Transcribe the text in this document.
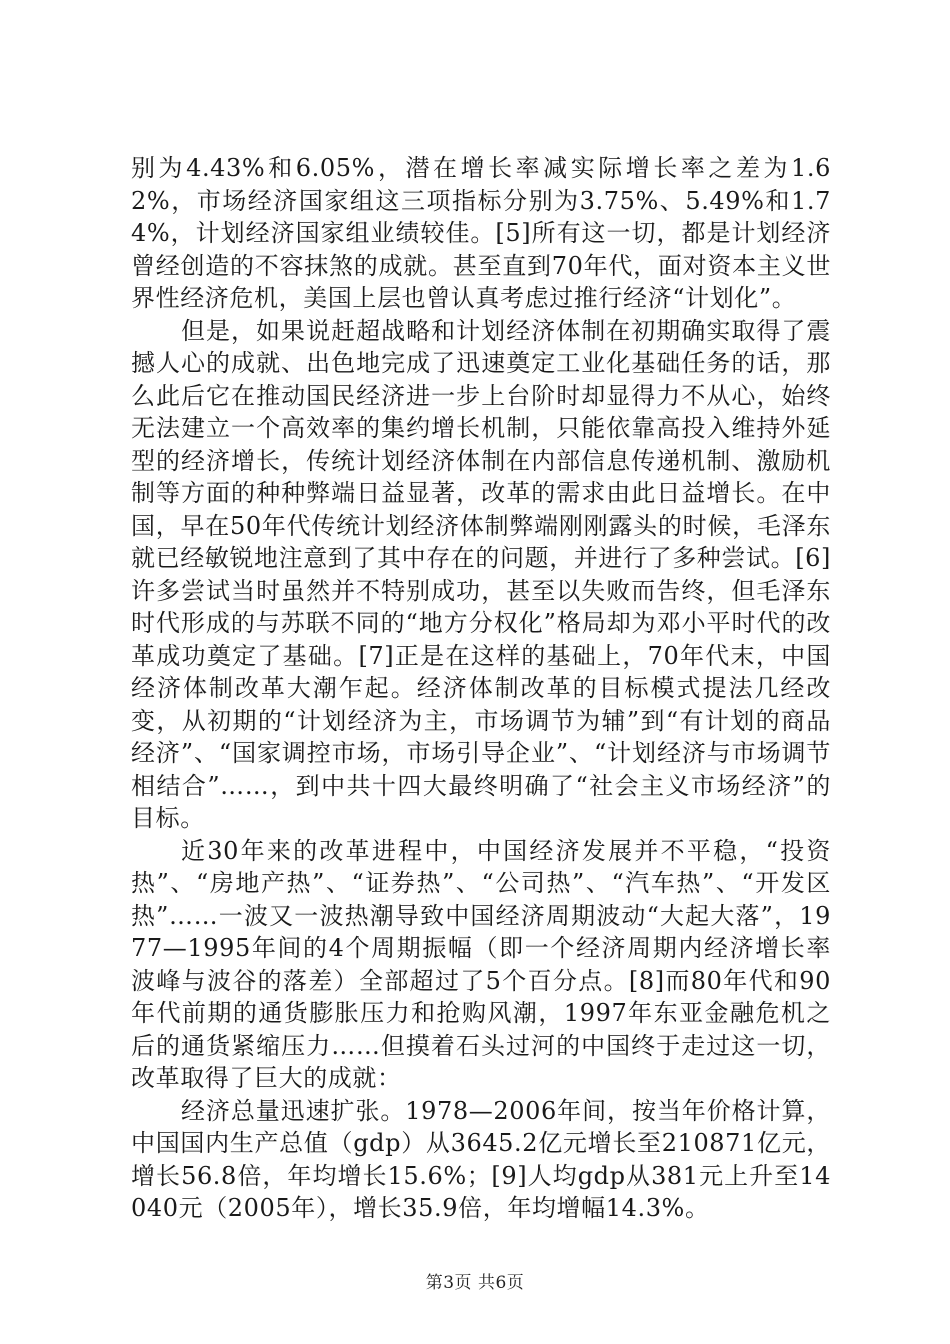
别为4.43%和6.05%，潜在增长率减实际增长率之差为1.62%，市场经济国家组这三项指标分别为3.75%、5.49%和1.74%，计划经济国家组业绩较佳。[5]所有这一切，都是计划经济曾经创造的不容抹煞的成就。甚至直到70年代，面对资本主义世界性经济危机，美国上层也曾认真考虑过推行经济“计划化”。

但是，如果说赶超战略和计划经济体制在初期确实取得了震撼人心的成就、出色地完成了迅速奠定工业化基础任务的话，那么此后它在推动国民经济进一步上台阶时却显得力不从心，始终无法建立一个高效率的集约增长机制，只能依靠高投入维持外延型的经济增长，传统计划经济体制在内部信息传递机制、激励机制等方面的种种弊端日益显著，改革的需求由此日益增长。在中国，早在50年代传统计划经济体制弊端刚刚露头的时候，毛泽东就已经敏锐地注意到了其中存在的问题，并进行了多种尝试。[6]许多尝试当时虽然并不特别成功，甚至以失败而告终，但毛泽东时代形成的与苏联不同的“地方分权化”格局却为邓小平时代的改革成功奠定了基础。[7]正是在这样的基础上，70年代末，中国经济体制改革大潮乍起。经济体制改革的目标模式提法几经改变，从初期的“计划经济为主，市场调节为辅”到“有计划的商品经济”、“国家调控市场，市场引导企业”、“计划经济与市场调节相结合”……，到中共十四大最终明确了“社会主义市场经济”的目标。

近30年来的改革进程中，中国经济发展并不平稳，“投资热”、“房地产热”、“证券热”、“公司热”、“汽车热”、“开发区热”……一波又一波热潮导致中国经济周期波动“大起大落”，1977—1995年间的4个周期振幅（即一个经济周期内经济增长率波峰与波谷的落差）全部超过了5个百分点。[8]而80年代和90年代前期的通货膨胀压力和抢购风潮，1997年东亚金融危机之后的通货紧缩压力……但摸着石头过河的中国终于走过这一切，改革取得了巨大的成就：

经济总量迅速扩张。1978—2006年间，按当年价格计算，中国国内生产总值（gdp）从3645.2亿元增长至210871亿元，增长56.8倍，年均增长15.6%；[9]人均gdp从381元上升至14040元（2005年），增长35.9倍，年均增幅14.3%。

第3页 共6页
